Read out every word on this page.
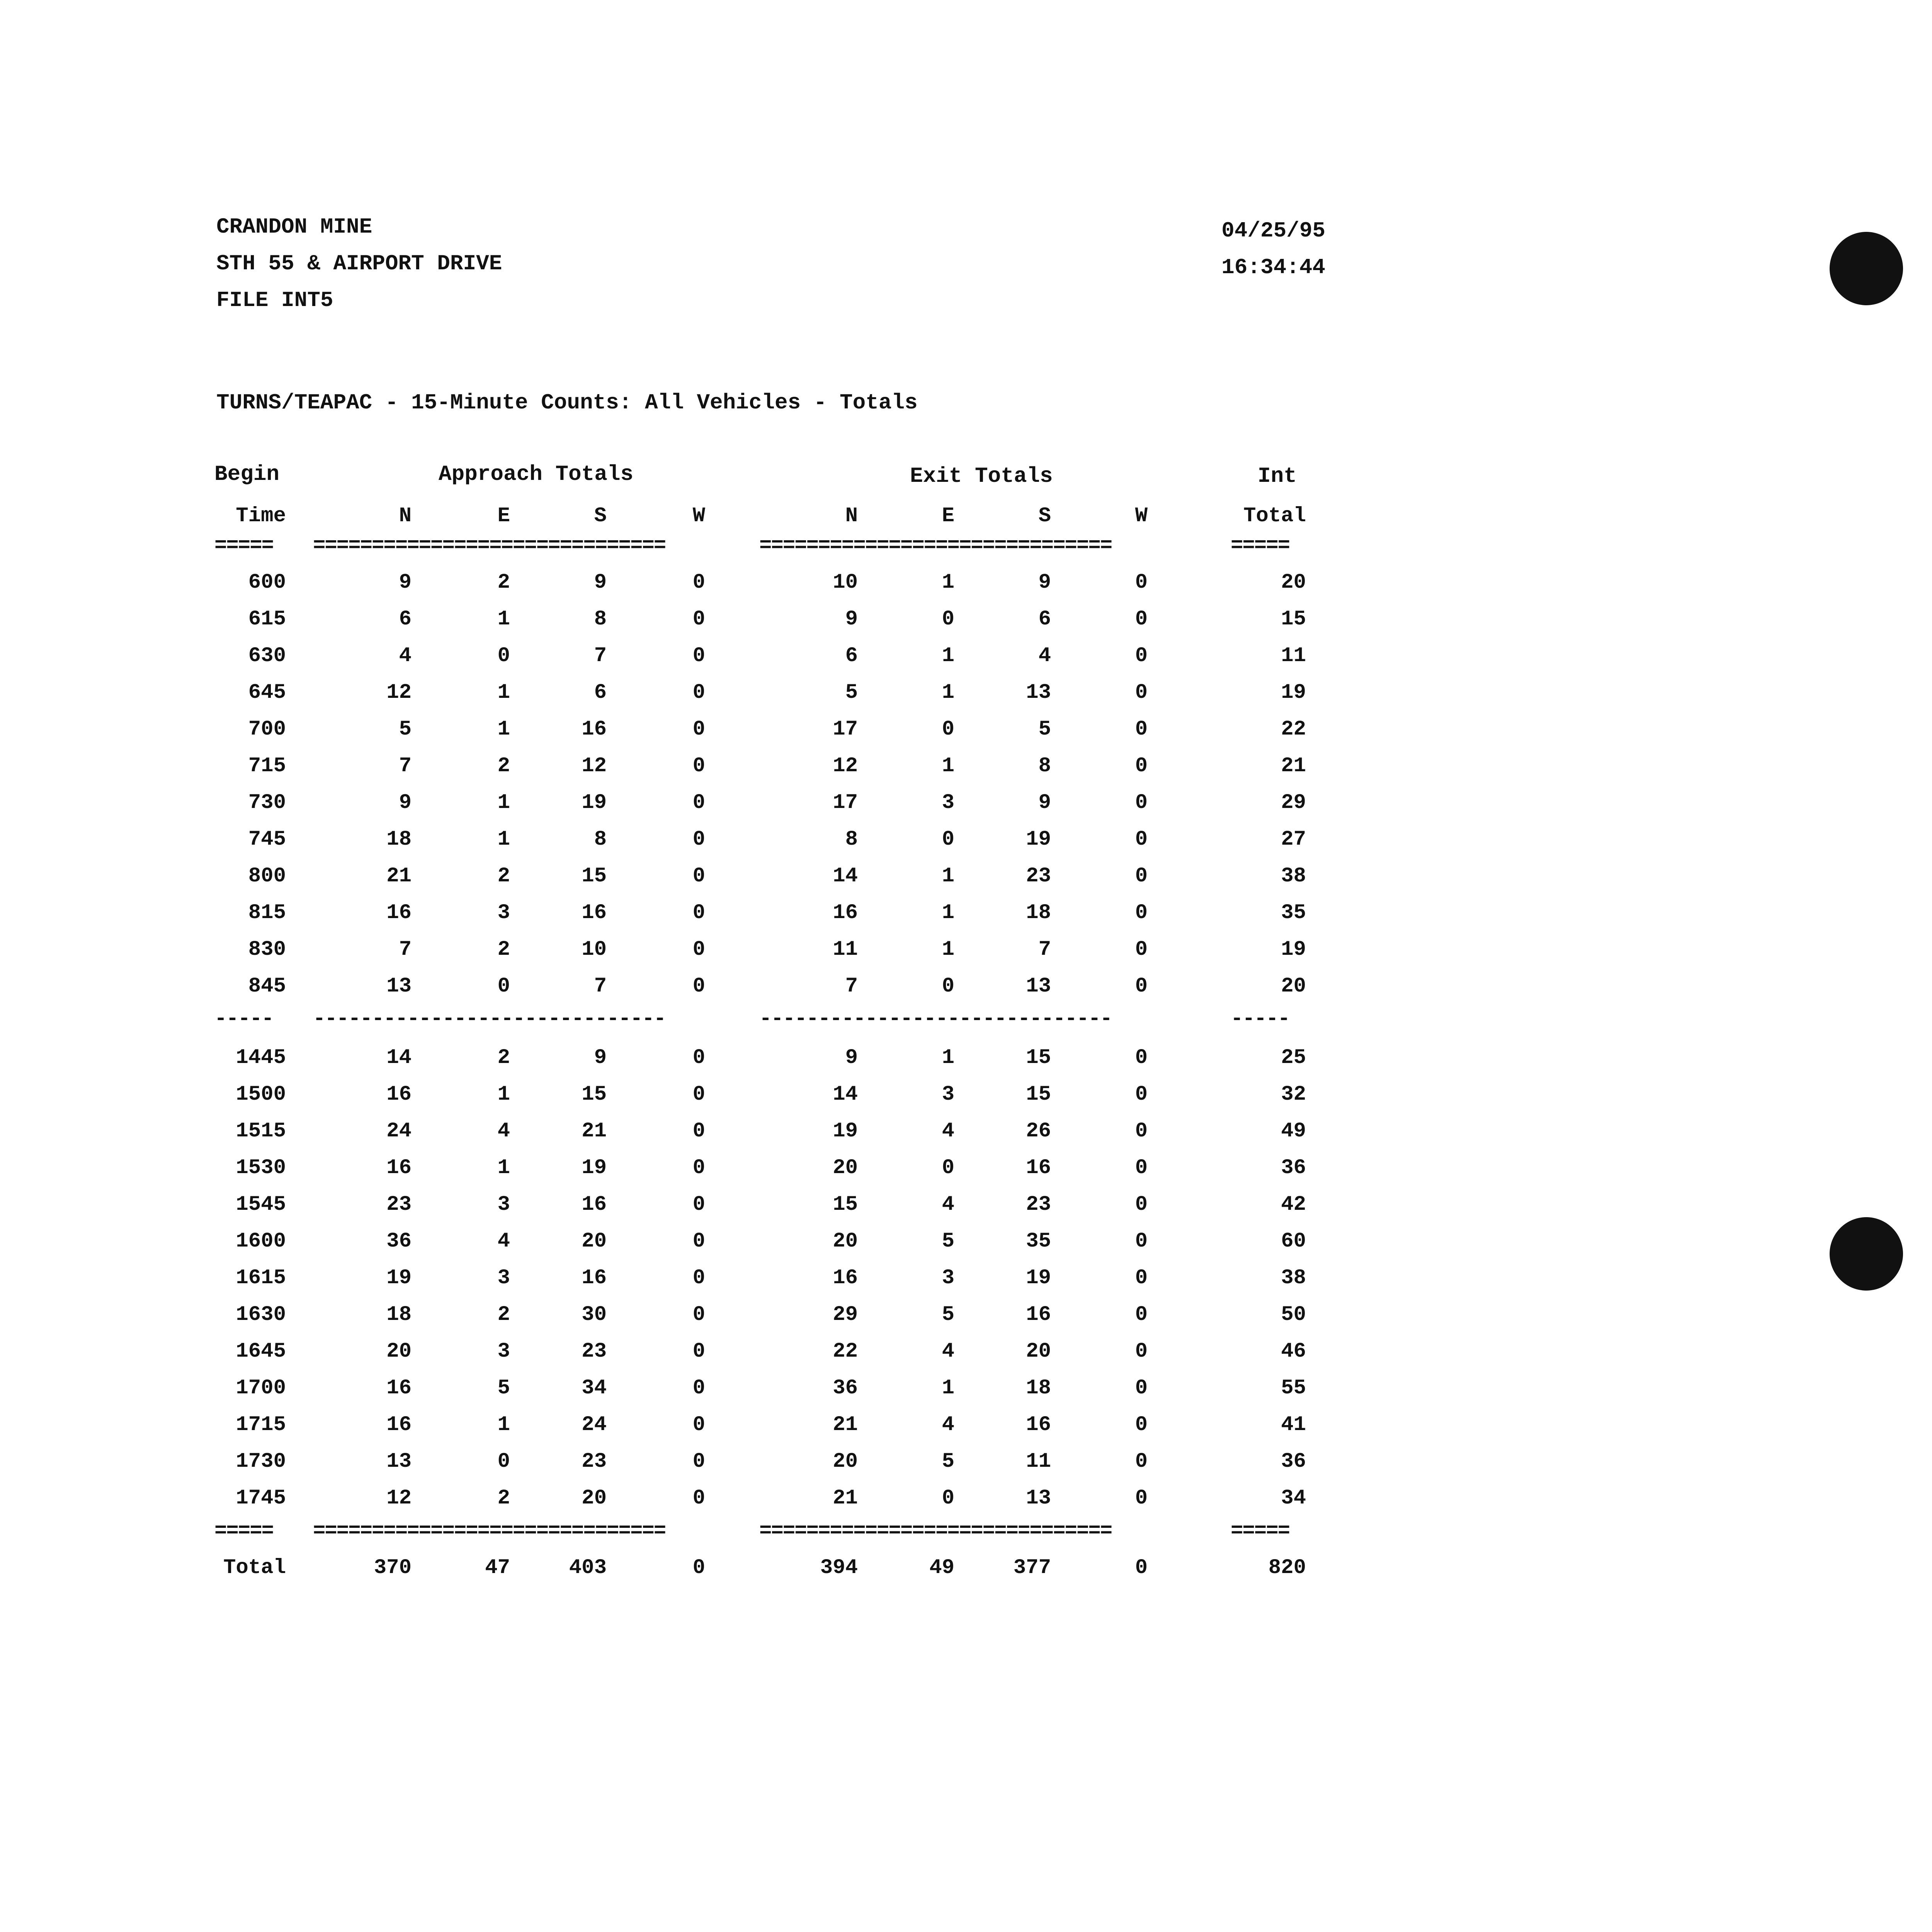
CRANDON MINE
STH 55 & AIRPORT DRIVE
FILE INT5
04/25/95
16:34:44
TURNS/TEAPAC - 15-Minute Counts: All Vehicles - Totals
Begin	Approach Totals	Exit Totals	Int
Time	N	E	S	W	N	E	S	W	Total
===== ==============================	==============================	=====
600	9	2	9	0	10	1	9	0	20
615	6	1	8	0	9	0	6	0	15
630	4	0	7	0	6	1	4	0	11
645	12	1	6	0	5	1	13	0	19
700	5	1	16	0	17	0	5	0	22
715	7	2	12	0	12	1	8	0	21
730	9	1	19	0	17	3	9	0	29
745	18	1	8	0	8	0	19	0	27
800	21	2	15	0	14	1	23	0	38
815	16	3	16	0	16	1	18	0	35
830	7	2	10	0	11	1	7	0	19
845	13	0	7	0	7	0	13	0	20
----- ------------------------------	------------------------------	-----
1445	14	2	9	0	9	1	15	0	25
1500	16	1	15	0	14	3	15	0	32
1515	24	4	21	0	19	4	26	0	49
1530	16	1	19	0	20	0	16	0	36
1545	23	3	16	0	15	4	23	0	42
1600	36	4	20	0	20	5	35	0	60
1615	19	3	16	0	16	3	19	0	38
1630	18	2	30	0	29	5	16	0	50
1645	20	3	23	0	22	4	20	0	46
1700	16	5	34	0	36	1	18	0	55
1715	16	1	24	0	21	4	16	0	41
1730	13	0	23	0	20	5	11	0	36
1745	12	2	20	0	21	0	13	0	34
===== ==============================	==============================	=====
Total	370	47	403	0	394	49	377	0	820
